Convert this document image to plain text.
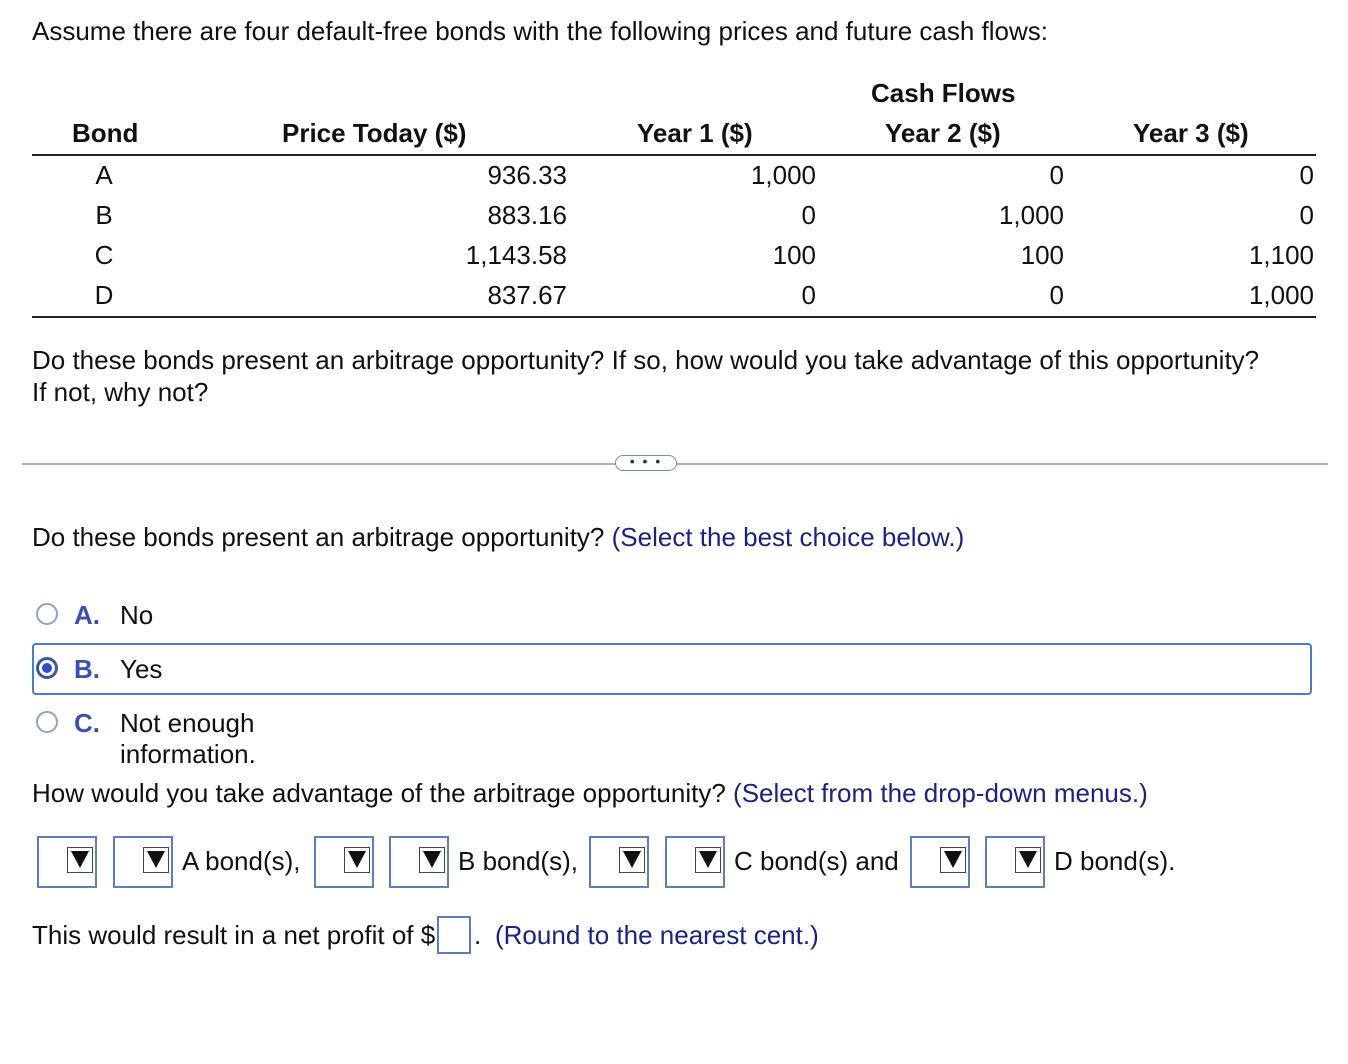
Assume there are four default-free bonds with the following prices and future cash flows:
Cash Flows
Bond	Price Today ($)	Year 1 ($)	Year 2 ($)	Year 3 ($)
A	936.33	1,000	0	0
B	883.16	0	1,000	0
C	1,143.58	100	100	1,100
D	837.67	0	0	1,000
Do these bonds present an arbitrage opportunity? If so, how would you take advantage of this opportunity?
If not, why not?
• • •
Do these bonds present an arbitrage opportunity? (Select the best choice below.)
A. No
B. Yes
C. Not enough information.
How would you take advantage of the arbitrage opportunity? (Select from the drop-down menus.)
A bond(s),	B bond(s),	C bond(s) and	D bond(s).
This would result in a net profit of $ . (Round to the nearest cent.)
